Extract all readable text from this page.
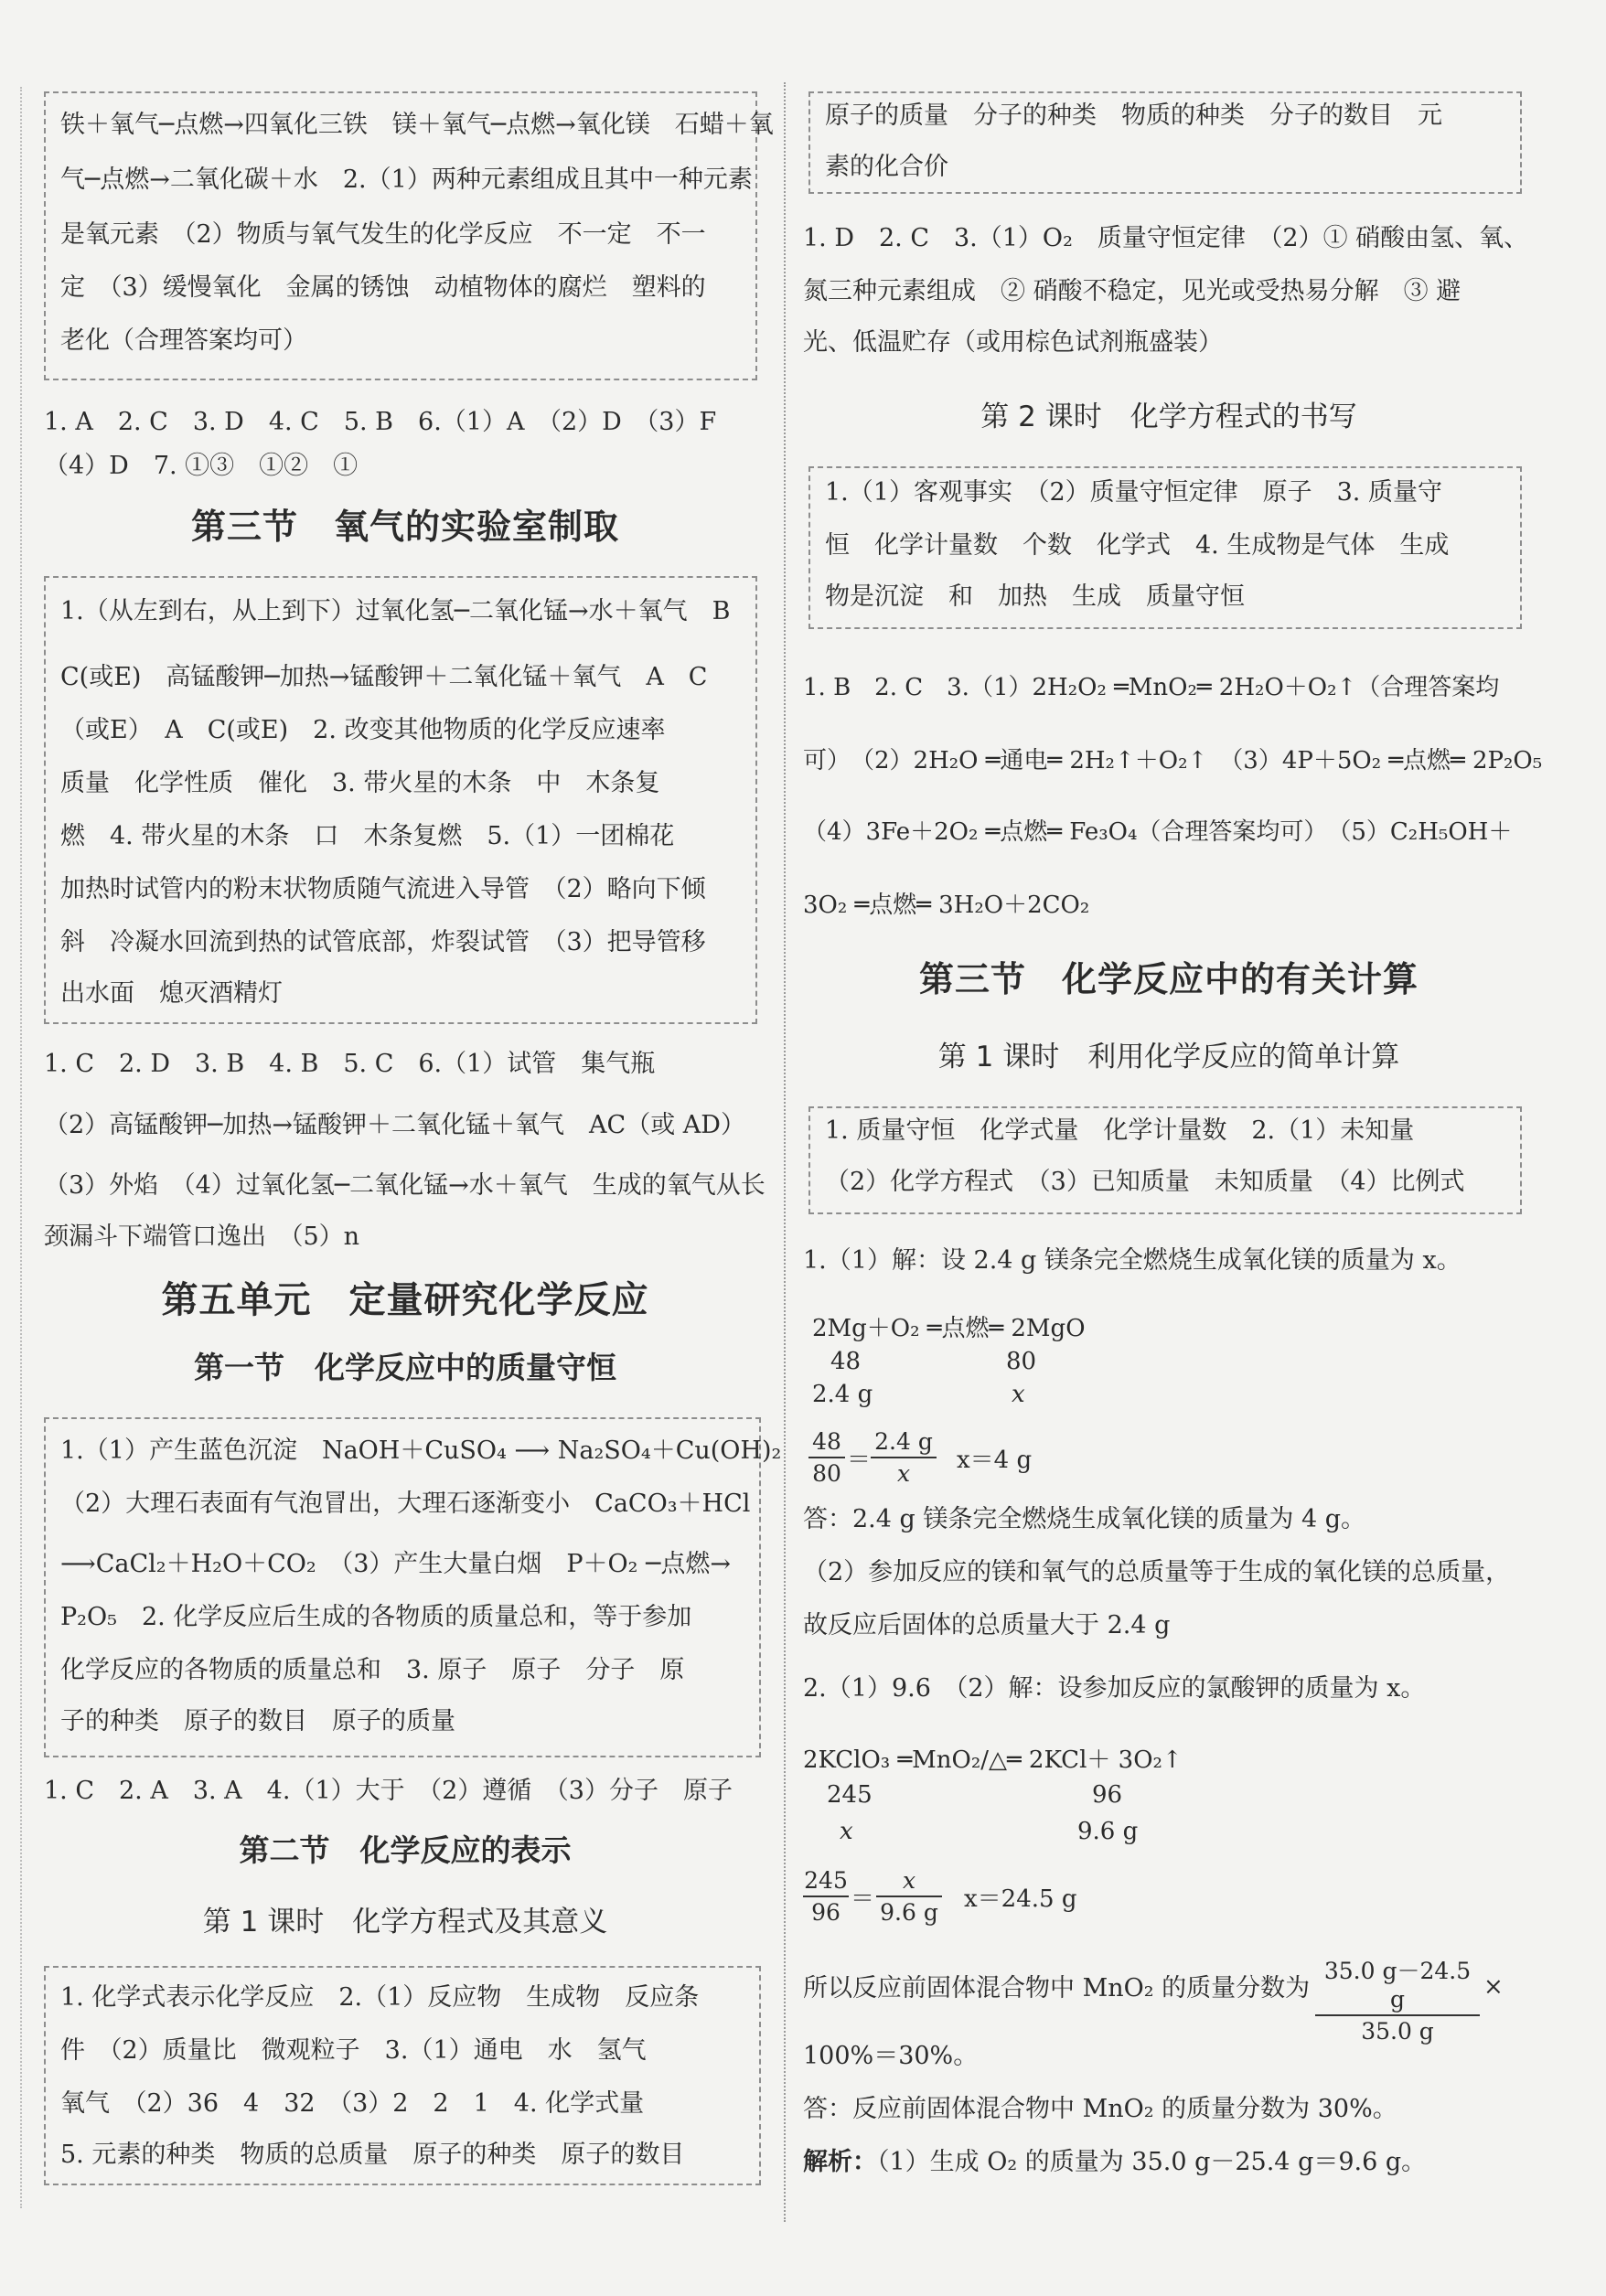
铁＋氧气─点燃→四氧化三铁　镁＋氧气─点燃→氧化镁　石蜡＋氧
气─点燃→二氧化碳＋水　2.（1）两种元素组成且其中一种元素
是氧元素　（2）物质与氧气发生的化学反应　不一定　不一
定　（3）缓慢氧化　金属的锈蚀　动植物体的腐烂　塑料的
老化（合理答案均可）
1. A　2. C　3. D　4. C　5. B　6.（1）A　（2）D　（3）F
（4）D　7. ①③　①②　①
第三节　氧气的实验室制取
1.（从左到右，从上到下）过氧化氢─二氧化锰→水＋氧气　B
C(或E)　高锰酸钾─加热→锰酸钾＋二氧化锰＋氧气　A　C
（或E）　A　C(或E)　2. 改变其他物质的化学反应速率
质量　化学性质　催化　3. 带火星的木条　中　木条复
燃　4. 带火星的木条　口　木条复燃　5.（1）一团棉花
加热时试管内的粉末状物质随气流进入导管　（2）略向下倾
斜　冷凝水回流到热的试管底部，炸裂试管　（3）把导管移
出水面　熄灭酒精灯
1. C　2. D　3. B　4. B　5. C　6.（1）试管　集气瓶
（2）高锰酸钾─加热→锰酸钾＋二氧化锰＋氧气　AC（或 AD）
（3）外焰　（4）过氧化氢─二氧化锰→水＋氧气　生成的氧气从长
颈漏斗下端管口逸出　（5）n
第五单元　定量研究化学反应
第一节　化学反应中的质量守恒
1.（1）产生蓝色沉淀　NaOH＋CuSO₄ ⟶ Na₂SO₄＋Cu(OH)₂
（2）大理石表面有气泡冒出，大理石逐渐变小　CaCO₃＋HCl
⟶CaCl₂＋H₂O＋CO₂　（3）产生大量白烟　P＋O₂ ─点燃→
P₂O₅　2. 化学反应后生成的各物质的质量总和，等于参加
化学反应的各物质的质量总和　3. 原子　原子　分子　原
子的种类　原子的数目　原子的质量
1. C　2. A　3. A　4.（1）大于　（2）遵循　（3）分子　原子
第二节　化学反应的表示
第 1 课时　化学方程式及其意义
1. 化学式表示化学反应　2.（1）反应物　生成物　反应条
件　（2）质量比　微观粒子　3.（1）通电　水　氢气
氧气　（2）36　4　32　（3）2　2　1　4. 化学式量
5. 元素的种类　物质的总质量　原子的种类　原子的数目
原子的质量　分子的种类　物质的种类　分子的数目　元
素的化合价
1. D　2. C　3.（1）O₂　质量守恒定律　（2）① 硝酸由氢、氧、
氮三种元素组成　② 硝酸不稳定，见光或受热易分解　③ 避
光、低温贮存（或用棕色试剂瓶盛装）
第 2 课时　化学方程式的书写
1.（1）客观事实　（2）质量守恒定律　原子　3. 质量守
恒　化学计量数　个数　化学式　4. 生成物是气体　生成
物是沉淀　和　加热　生成　质量守恒
1. B　2. C　3.（1）2H₂O₂ ═MnO₂═ 2H₂O＋O₂↑（合理答案均
可）　（2）2H₂O ═通电═ 2H₂↑＋O₂↑　（3）4P＋5O₂ ═点燃═ 2P₂O₅
（4）3Fe＋2O₂ ═点燃═ Fe₃O₄（合理答案均可）　（5）C₂H₅OH＋
3O₂ ═点燃═ 3H₂O＋2CO₂
第三节　化学反应中的有关计算
第 1 课时　利用化学反应的简单计算
1. 质量守恒　化学式量　化学计量数　2.（1）未知量
（2）化学方程式　（3）已知质量　未知质量　（4）比例式
1.（1）解：设 2.4 g 镁条完全燃烧生成氧化镁的质量为 x。
2Mg＋O₂ ═点燃═ 2MgO
48	80
2.4 g	x
48
80 ＝
2.4 g
x	x＝4 g
答：2.4 g 镁条完全燃烧生成氧化镁的质量为 4 g。
（2）参加反应的镁和氧气的总质量等于生成的氧化镁的总质量，
故反应后固体的总质量大于 2.4 g
2.（1）9.6　（2）解：设参加反应的氯酸钾的质量为 x。
2KClO₃ ═MnO₂/△═ 2KCl＋ 3O₂↑
245	96
x	9.6 g
245
96 ＝
x
9.6 g x＝24.5 g
所以反应前固体混合物中 MnO₂ 的质量分数为
35.0 g－24.5 g
35.0 g
×
100%＝30%。
答：反应前固体混合物中 MnO₂ 的质量分数为 30%。
解析：（1）生成 O₂ 的质量为 35.0 g－25.4 g＝9.6 g。
